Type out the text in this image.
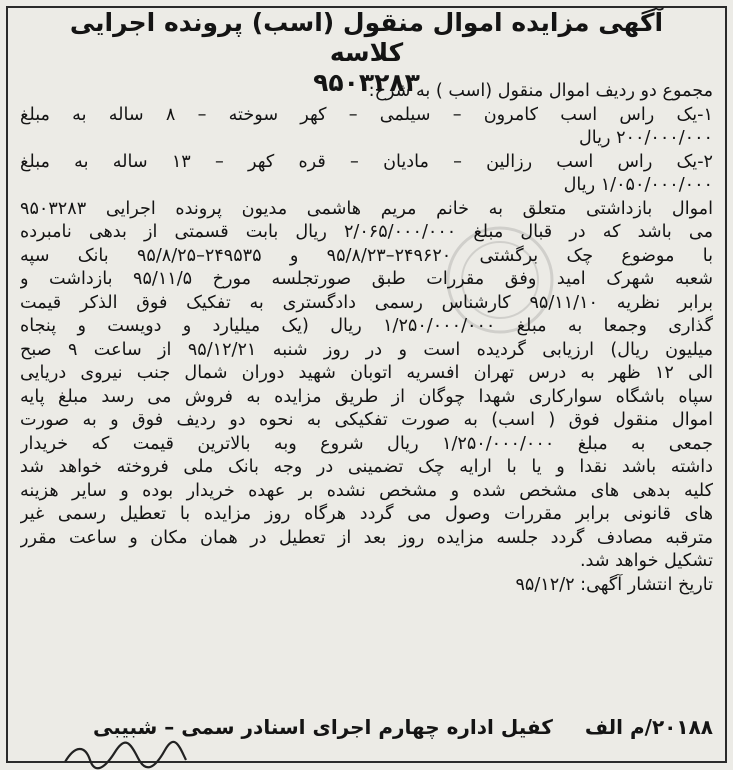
آگهی مزایده اموال منقول (اسب) پرونده اجرایی کلاسه
۹۵۰۳۲۸۳
مجموع دو ردیف اموال منقول (اسب ) به شرح:
۱-یک راس اسب کامرون – سیلمی – کهر سوخته – ۸ ساله به مبلغ
۲۰۰/۰۰۰/۰۰۰ ریال
۲-یک راس اسب رزالین – مادیان – قره کهر – ۱۳ ساله به مبلغ
۱/۰۵۰/۰۰۰/۰۰۰ ریال
اموال بازداشتی متعلق به خانم مریم هاشمی مدیون پرونده اجرایی ۹۵۰۳۲۸۳
می باشد که در قبال مبلغ ۲/۰۶۵/۰۰۰/۰۰۰ ریال بابت قسمتی از بدهی نامبرده
با موضوع چک برگشتی ۲۴۹۶۲۰–۹۵/۸/۲۳ و ۲۴۹۵۳۵–۹۵/۸/۲۵ بانک سپه
شعبه شهرک امید وفق مقررات طبق صورتجلسه مورخ ۹۵/۱۱/۵ بازداشت و
برابر نظریه ۹۵/۱۱/۱۰ کارشناس رسمی دادگستری به تفکیک فوق الذکر قیمت
گذاری وجمعا به مبلغ ۱/۲۵۰/۰۰۰/۰۰۰ ریال (یک میلیارد و دویست و پنجاه
میلیون ریال) ارزیابی گردیده است و در روز شنبه ۹۵/۱۲/۲۱ از ساعت ۹ صبح
الی ۱۲ ظهر به درس تهران افسریه اتوبان شهید دوران شمال جنب نیروی دریایی
سپاه باشگاه سوارکاری شهدا چوگان از طریق مزایده به فروش می رسد مبلغ پایه
اموال منقول فوق ( اسب) به صورت تفکیکی به نحوه دو ردیف فوق و به صورت
جمعی به مبلغ ۱/۲۵۰/۰۰۰/۰۰۰ ریال شروع وبه بالاترین قیمت که خریدار
داشته باشد نقدا و یا با ارایه چک تضمینی در وجه بانک ملی فروخته خواهد شد
کلیه بدهی های مشخص شده و مشخص نشده بر عهده خریدار بوده و سایر هزینه
های قانونی برابر مقررات وصول می گردد هرگاه روز مزایده با تعطیل رسمی غیر
مترقبه مصادف گردد جلسه مزایده روز بعد از تعطیل در همان مکان و ساعت مقرر
تشکیل خواهد شد.
تاریخ انتشار آگهی: ۹۵/۱۲/۲
۲۰۱۸۸/م الف  کفیل اداره چهارم اجرای اسنادر سمی – شبیبی
